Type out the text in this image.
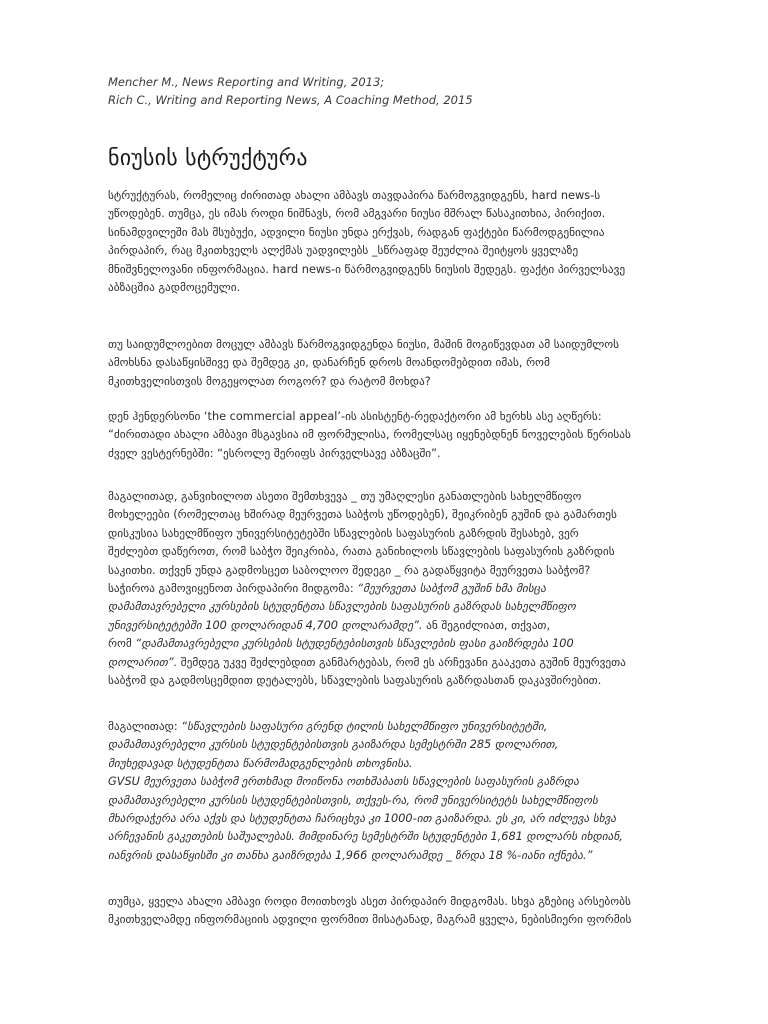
Mencher M., News Reporting and Writing, 2013;
Rich C., Writing and Reporting News, A Coaching Method, 2015
ნიუსის სტრუქტურა
სტრუქტურას, რომელიც ძირითად ახალი ამბავს თავდაპირა წარმოგვიდგენს, hard news-ს
უწოდებენ. თუმცა, ეს იმას როდი ნიშნავს, რომ ამგვარი ნიუსი მშრალ წასაკითხია, პირიქით.
სინამდვილეში მას მსუბუქი, ადვილი ნიუსი უნდა ერქვას, რადგან ფაქტები წარმოდგენილია
პირდაპირ, რაც მკითხველს ალქმას უადვილებს _სწრაფად შეუძლია შეიტყოს ყველაზე
მნიშვნელოვანი ინფორმაცია. hard news-ი წარმოგვიდგენს ნიუსის შედეგს. ფაქტი პირველსავე
აბზაცშია გადმოცემული.
თუ საიდუმლოებით მოცულ ამბავს წარმოგვიდგენდა ნიუსი, მაშინ მოგიწევდათ ამ საიდუმლოს
ამოხსნა დასაწყისშივე და შემდეგ კი, დანარჩენ დროს მოანდომებდით იმას, რომ
მკითხველისთვის მოგეყოლათ როგორ? და რატომ მოხდა?
დენ ჰენდერსონი ‘the commercial appeal’-ის ასისტენტ-რედაქტორი ამ ხერხს ასე აღწერს:
“ძირითადი ახალი ამბავი მსგავსია იმ ფორმულისა, რომელსაც იყენებდნენ ნოველების წერისას
ძველ ვესტერნებში: “ესროლე შერიფს პირველსავე აბზაცში”.
მაგალითად, განვიხილოთ ასეთი შემთხვევა _ თუ უმაღლესი განათლების სახელმწიფო
მოხელეები (რომელთაც ხშირად მეურვეთა საბჭოს უწოდებენ), შეიკრიბენ გუშინ და გამართეს
დისკუსია სახელმწიფო უნივერსიტეტებში სწავლების საფასურის გაზრდის შესახებ, ვერ
შეძლებთ დაწეროთ, რომ საბჭო შეიკრიბა, რათა განიხილოს სწავლების საფასურის გაზრდის
საკითხი. თქვენ უნდა გადმოსცეთ საბოლოო შედეგი _ რა გადაწყვიტა მეურვეთა საბჭომ?
საჭიროა გამოვიყენოთ პირდაპირი მიდგომა: “მეურვეთა საბჭომ გუშინ ხმა მისცა
დამამთავრებელი კურსების სტუდენტთა სწავლების საფასურის გაზრდას სახელმწიფო
უნივერსიტეტებში 100 დოლარიდან 4,700 დოლარამდე”. ან შეგიძლიათ, თქვათ,
რომ “დამამთავრებელი კურსების სტუდენტებისთვის სწავლების ფასი გაიზრდება 100
დოლარით”. შემდეგ უკვე შეძლებდით განმარტებას, რომ ეს არჩევანი გააკეთა გუშინ მეურვეთა
საბჭომ და გადმოსცემდით დეტალებს, სწავლების საფასურის გაზრდასთან დაკავშირებით.
მაგალითად: “სწავლების საფასური გრენდ ტილის სახელმწიფო უნივერსიტეტში,
დამამთავრებელი კურსის სტუდენტებისთვის გაიზარდა სემესტრში 285 დოლარით,
მიუხედავად სტუდენტთა წარმომადგენლების თხოვნისა.
GVSU მეურვეთა საბჭომ ერთხმად მოიწონა ოთხშაბათს სწავლების საფასურის გაზრდა
დამამთავრებელი კურსის სტუდენტებისთვის, თქვეს-რა, რომ უნივერსიტეტს სახელმწიფოს
მხარდაჭერა არა აქვს და სტუდენტთა ჩარიცხვა კი 1000-ით გაიზარდა. ეს კი, არ იძლევა სხვა
არჩევანის გაკეთების საშუალებას. მიმდინარე სემესტრში სტუდენტები 1,681 დოლარს იხდიან,
იანვრის დასაწყისში კი თანხა გაიზრდება 1,966 დოლარამდე _ ზრდა 18 %-იანი იქნება.”
თუმცა, ყველა ახალი ამბავი როდი მოითხოვს ასეთ პირდაპირ მიდგომას. სხვა გზებიც არსებობს
მკითხველამდე ინფორმაციის ადვილი ფორმით მისატანად, მაგრამ ყველა, ნებისმიერი ფორმის
